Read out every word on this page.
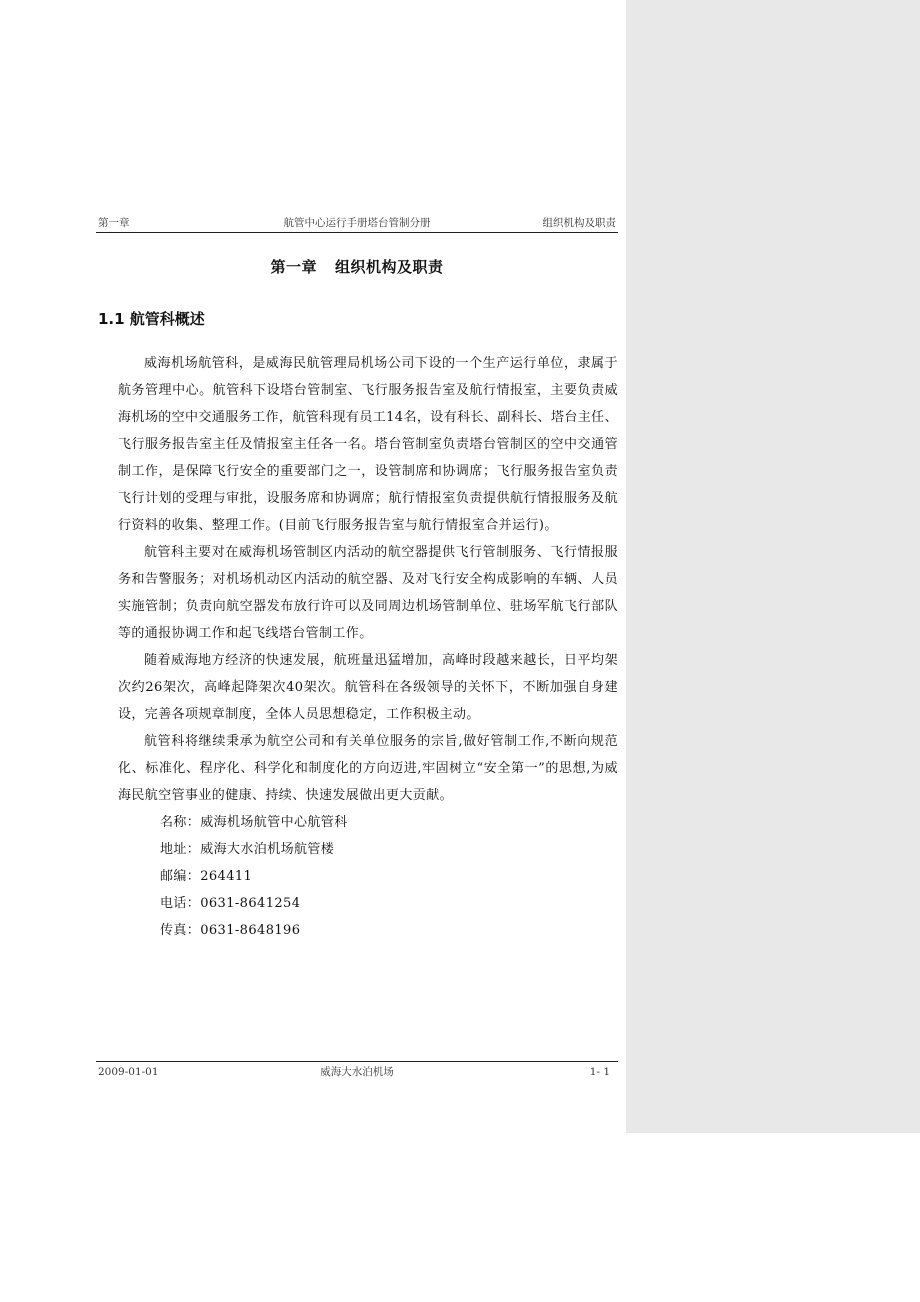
第一章	航管中心运行手册塔台管制分册	组织机构及职责
第一章 组织机构及职责
1.1 航管科概述

威海机场航管科，是威海民航管理局机场公司下设的一个生产运行单位，隶属于航务管理中心。航管科下设塔台管制室、飞行服务报告室及航行情报室，主要负责威海机场的空中交通服务工作，航管科现有员工14名，设有科长、副科长、塔台主任、飞行服务报告室主任及情报室主任各一名。塔台管制室负责塔台管制区的空中交通管制工作，是保障飞行安全的重要部门之一，设管制席和协调席；飞行服务报告室负责飞行计划的受理与审批，设服务席和协调席；航行情报室负责提供航行情报服务及航行资料的收集、整理工作。(目前飞行服务报告室与航行情报室合并运行)。

航管科主要对在威海机场管制区内活动的航空器提供飞行管制服务、飞行情报服务和告警服务；对机场机动区内活动的航空器、及对飞行安全构成影响的车辆、人员实施管制；负责向航空器发布放行许可以及同周边机场管制单位、驻场军航飞行部队等的通报协调工作和起飞线塔台管制工作。

随着威海地方经济的快速发展，航班量迅猛增加，高峰时段越来越长，日平均架次约26架次，高峰起降架次40架次。航管科在各级领导的关怀下，不断加强自身建设，完善各项规章制度，全体人员思想稳定，工作积极主动。

航管科将继续秉承为航空公司和有关单位服务的宗旨,做好管制工作,不断向规范化、标准化、程序化、科学化和制度化的方向迈进,牢固树立“安全第一”的思想,为威海民航空管事业的健康、持续、快速发展做出更大贡献。

名称：威海机场航管中心航管科
地址：威海大水泊机场航管楼
邮编：264411
电话：0631-8641254
传真：0631-8648196
2009-01-01	威海大水泊机场	1- 1
